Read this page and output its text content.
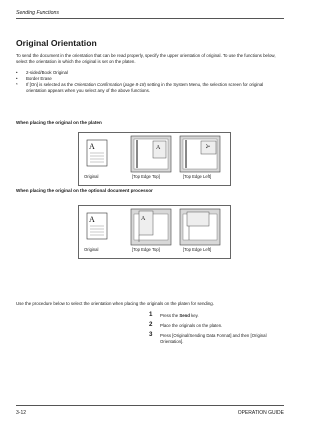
Sending Functions
Original Orientation
To send the document in the orientation that can be read properly, specify the upper orientation of original. To use the functions below, select the orientation in which the original is set on the platen.
• 2-sided/Book Original
• Border Erase
* If [On] is selected as the Orientation Confirmation (page 8-18) setting in the System Menu, the selection screen for original orientation appears when you select any of the above functions.
When placing the original on the platen
A	A	A
Original	[Top Edge Top]	[Top Edge Left]
When placing the original on the optional document processor
A	A
Original	[Top Edge Top]	[Top Edge Left]
Use the procedure below to select the orientation when placing the originals on the platen for sending.
1 Press the Send key.
2 Place the originals on the platen.
3 Press [Original/Sending Data Format] and then [Original Orientation].
3-12	OPERATION GUIDE
